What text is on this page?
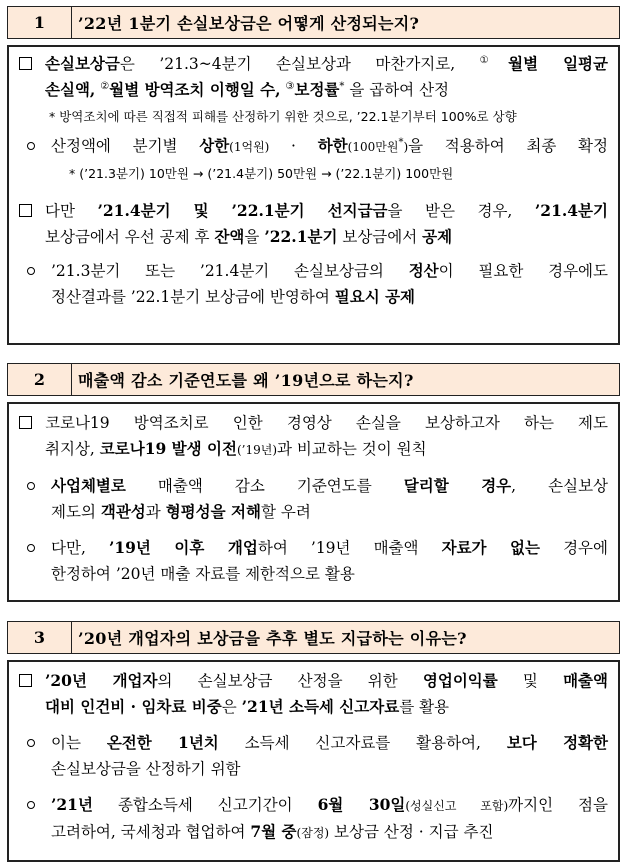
1	’22년 1분기 손실보상금은 어떻게 산정되는지?
손실보상금은 ’21.3~4분기 손실보상과 마찬가지로, ①월별 일평균
손실액, ②월별 방역조치 이행일 수, ③보정률* 을 곱하여 산정
* 방역조치에 따른 직접적 피해를 산정하기 위한 것으로, ’22.1분기부터 100%로 상향
산정액에 분기별 상한(1억원) · 하한(100만원*)을 적용하여 최종 확정
* (’21.3분기) 10만원 → (’21.4분기) 50만원 → (’22.1분기) 100만원
다만 ’21.4분기 및 ’22.1분기 선지급금을 받은 경우, ’21.4분기
보상금에서 우선 공제 후 잔액을 ’22.1분기 보상금에서 공제
’21.3분기 또는 ’21.4분기 손실보상금의 정산이 필요한 경우에도
정산결과를 ’22.1분기 보상금에 반영하여 필요시 공제
2	매출액 감소 기준연도를 왜 ’19년으로 하는지?
코로나19 방역조치로 인한 경영상 손실을 보상하고자 하는 제도
취지상, 코로나19 발생 이전(’19년)과 비교하는 것이 원칙
사업체별로 매출액 감소 기준연도를 달리할 경우, 손실보상
제도의 객관성과 형평성을 저해할 우려
다만, ’19년 이후 개업하여 ’19년 매출액 자료가 없는 경우에
한정하여 ’20년 매출 자료를 제한적으로 활용
3	’20년 개업자의 보상금을 추후 별도 지급하는 이유는?
’20년 개업자의 손실보상금 산정을 위한 영업이익률 및 매출액
대비 인건비 · 임차료 비중은 ’21년 소득세 신고자료를 활용
이는 온전한 1년치 소득세 신고자료를 활용하여, 보다 정확한
손실보상금을 산정하기 위함
’21년 종합소득세 신고기간이 6월 30일(성실신고 포함)까지인 점을
고려하여, 국세청과 협업하여 7월 중(잠정) 보상금 산정 · 지급 추진
